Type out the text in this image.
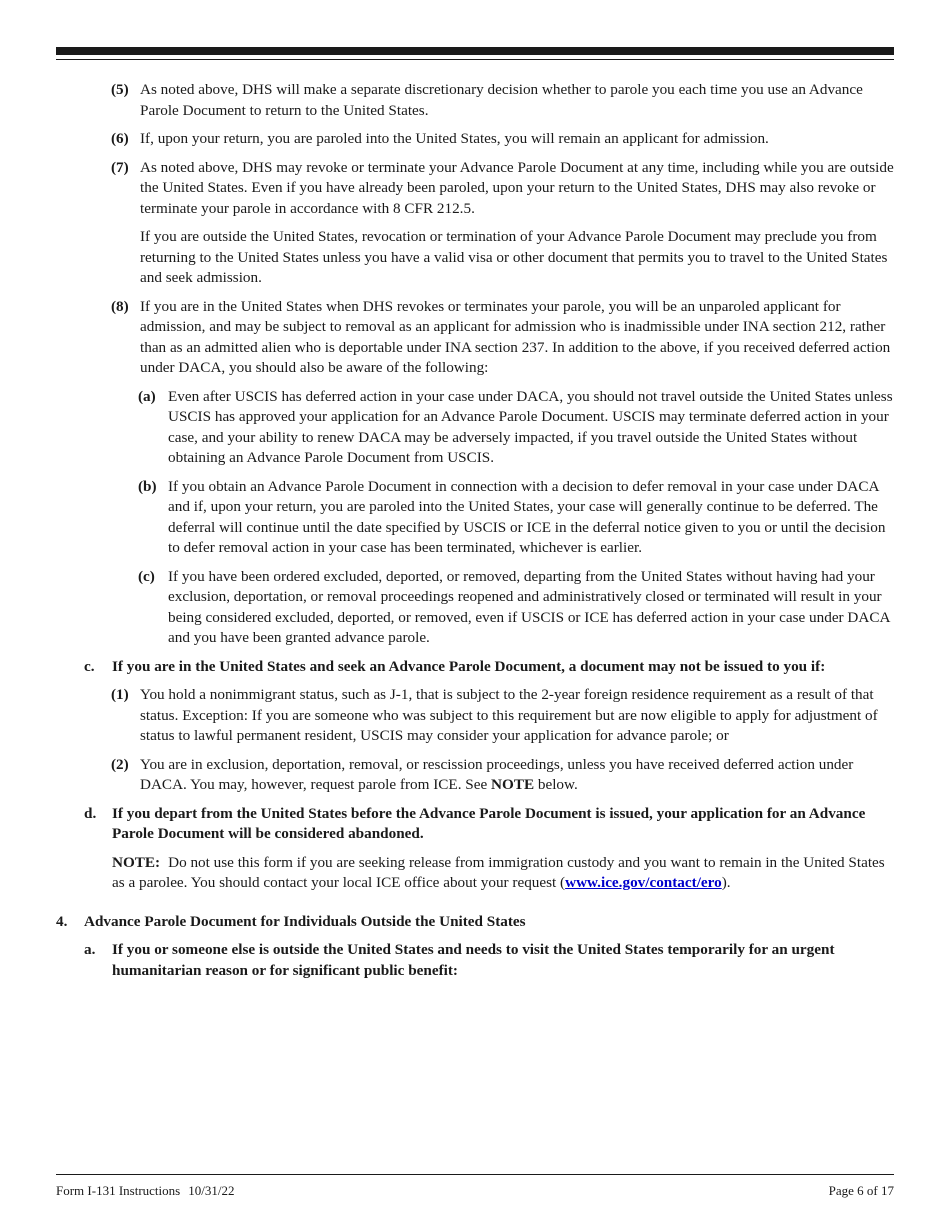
(5) As noted above, DHS will make a separate discretionary decision whether to parole you each time you use an Advance Parole Document to return to the United States.
(6) If, upon your return, you are paroled into the United States, you will remain an applicant for admission.
(7) As noted above, DHS may revoke or terminate your Advance Parole Document at any time, including while you are outside the United States. Even if you have already been paroled, upon your return to the United States, DHS may also revoke or terminate your parole in accordance with 8 CFR 212.5.
If you are outside the United States, revocation or termination of your Advance Parole Document may preclude you from returning to the United States unless you have a valid visa or other document that permits you to travel to the United States and seek admission.
(8) If you are in the United States when DHS revokes or terminates your parole, you will be an unparoled applicant for admission, and may be subject to removal as an applicant for admission who is inadmissible under INA section 212, rather than as an admitted alien who is deportable under INA section 237. In addition to the above, if you received deferred action under DACA, you should also be aware of the following:
(a) Even after USCIS has deferred action in your case under DACA, you should not travel outside the United States unless USCIS has approved your application for an Advance Parole Document. USCIS may terminate deferred action in your case, and your ability to renew DACA may be adversely impacted, if you travel outside the United States without obtaining an Advance Parole Document from USCIS.
(b) If you obtain an Advance Parole Document in connection with a decision to defer removal in your case under DACA and if, upon your return, you are paroled into the United States, your case will generally continue to be deferred. The deferral will continue until the date specified by USCIS or ICE in the deferral notice given to you or until the decision to defer removal action in your case has been terminated, whichever is earlier.
(c) If you have been ordered excluded, deported, or removed, departing from the United States without having had your exclusion, deportation, or removal proceedings reopened and administratively closed or terminated will result in your being considered excluded, deported, or removed, even if USCIS or ICE has deferred action in your case under DACA and you have been granted advance parole.
c. If you are in the United States and seek an Advance Parole Document, a document may not be issued to you if:
(1) You hold a nonimmigrant status, such as J-1, that is subject to the 2-year foreign residence requirement as a result of that status. Exception: If you are someone who was subject to this requirement but are now eligible to apply for adjustment of status to lawful permanent resident, USCIS may consider your application for advance parole; or
(2) You are in exclusion, deportation, removal, or rescission proceedings, unless you have received deferred action under DACA. You may, however, request parole from ICE. See NOTE below.
d. If you depart from the United States before the Advance Parole Document is issued, your application for an Advance Parole Document will be considered abandoned.
NOTE: Do not use this form if you are seeking release from immigration custody and you want to remain in the United States as a parolee. You should contact your local ICE office about your request (www.ice.gov/contact/ero).
4. Advance Parole Document for Individuals Outside the United States
a. If you or someone else is outside the United States and needs to visit the United States temporarily for an urgent humanitarian reason or for significant public benefit:
Form I-131 Instructions 10/31/22	Page 6 of 17
